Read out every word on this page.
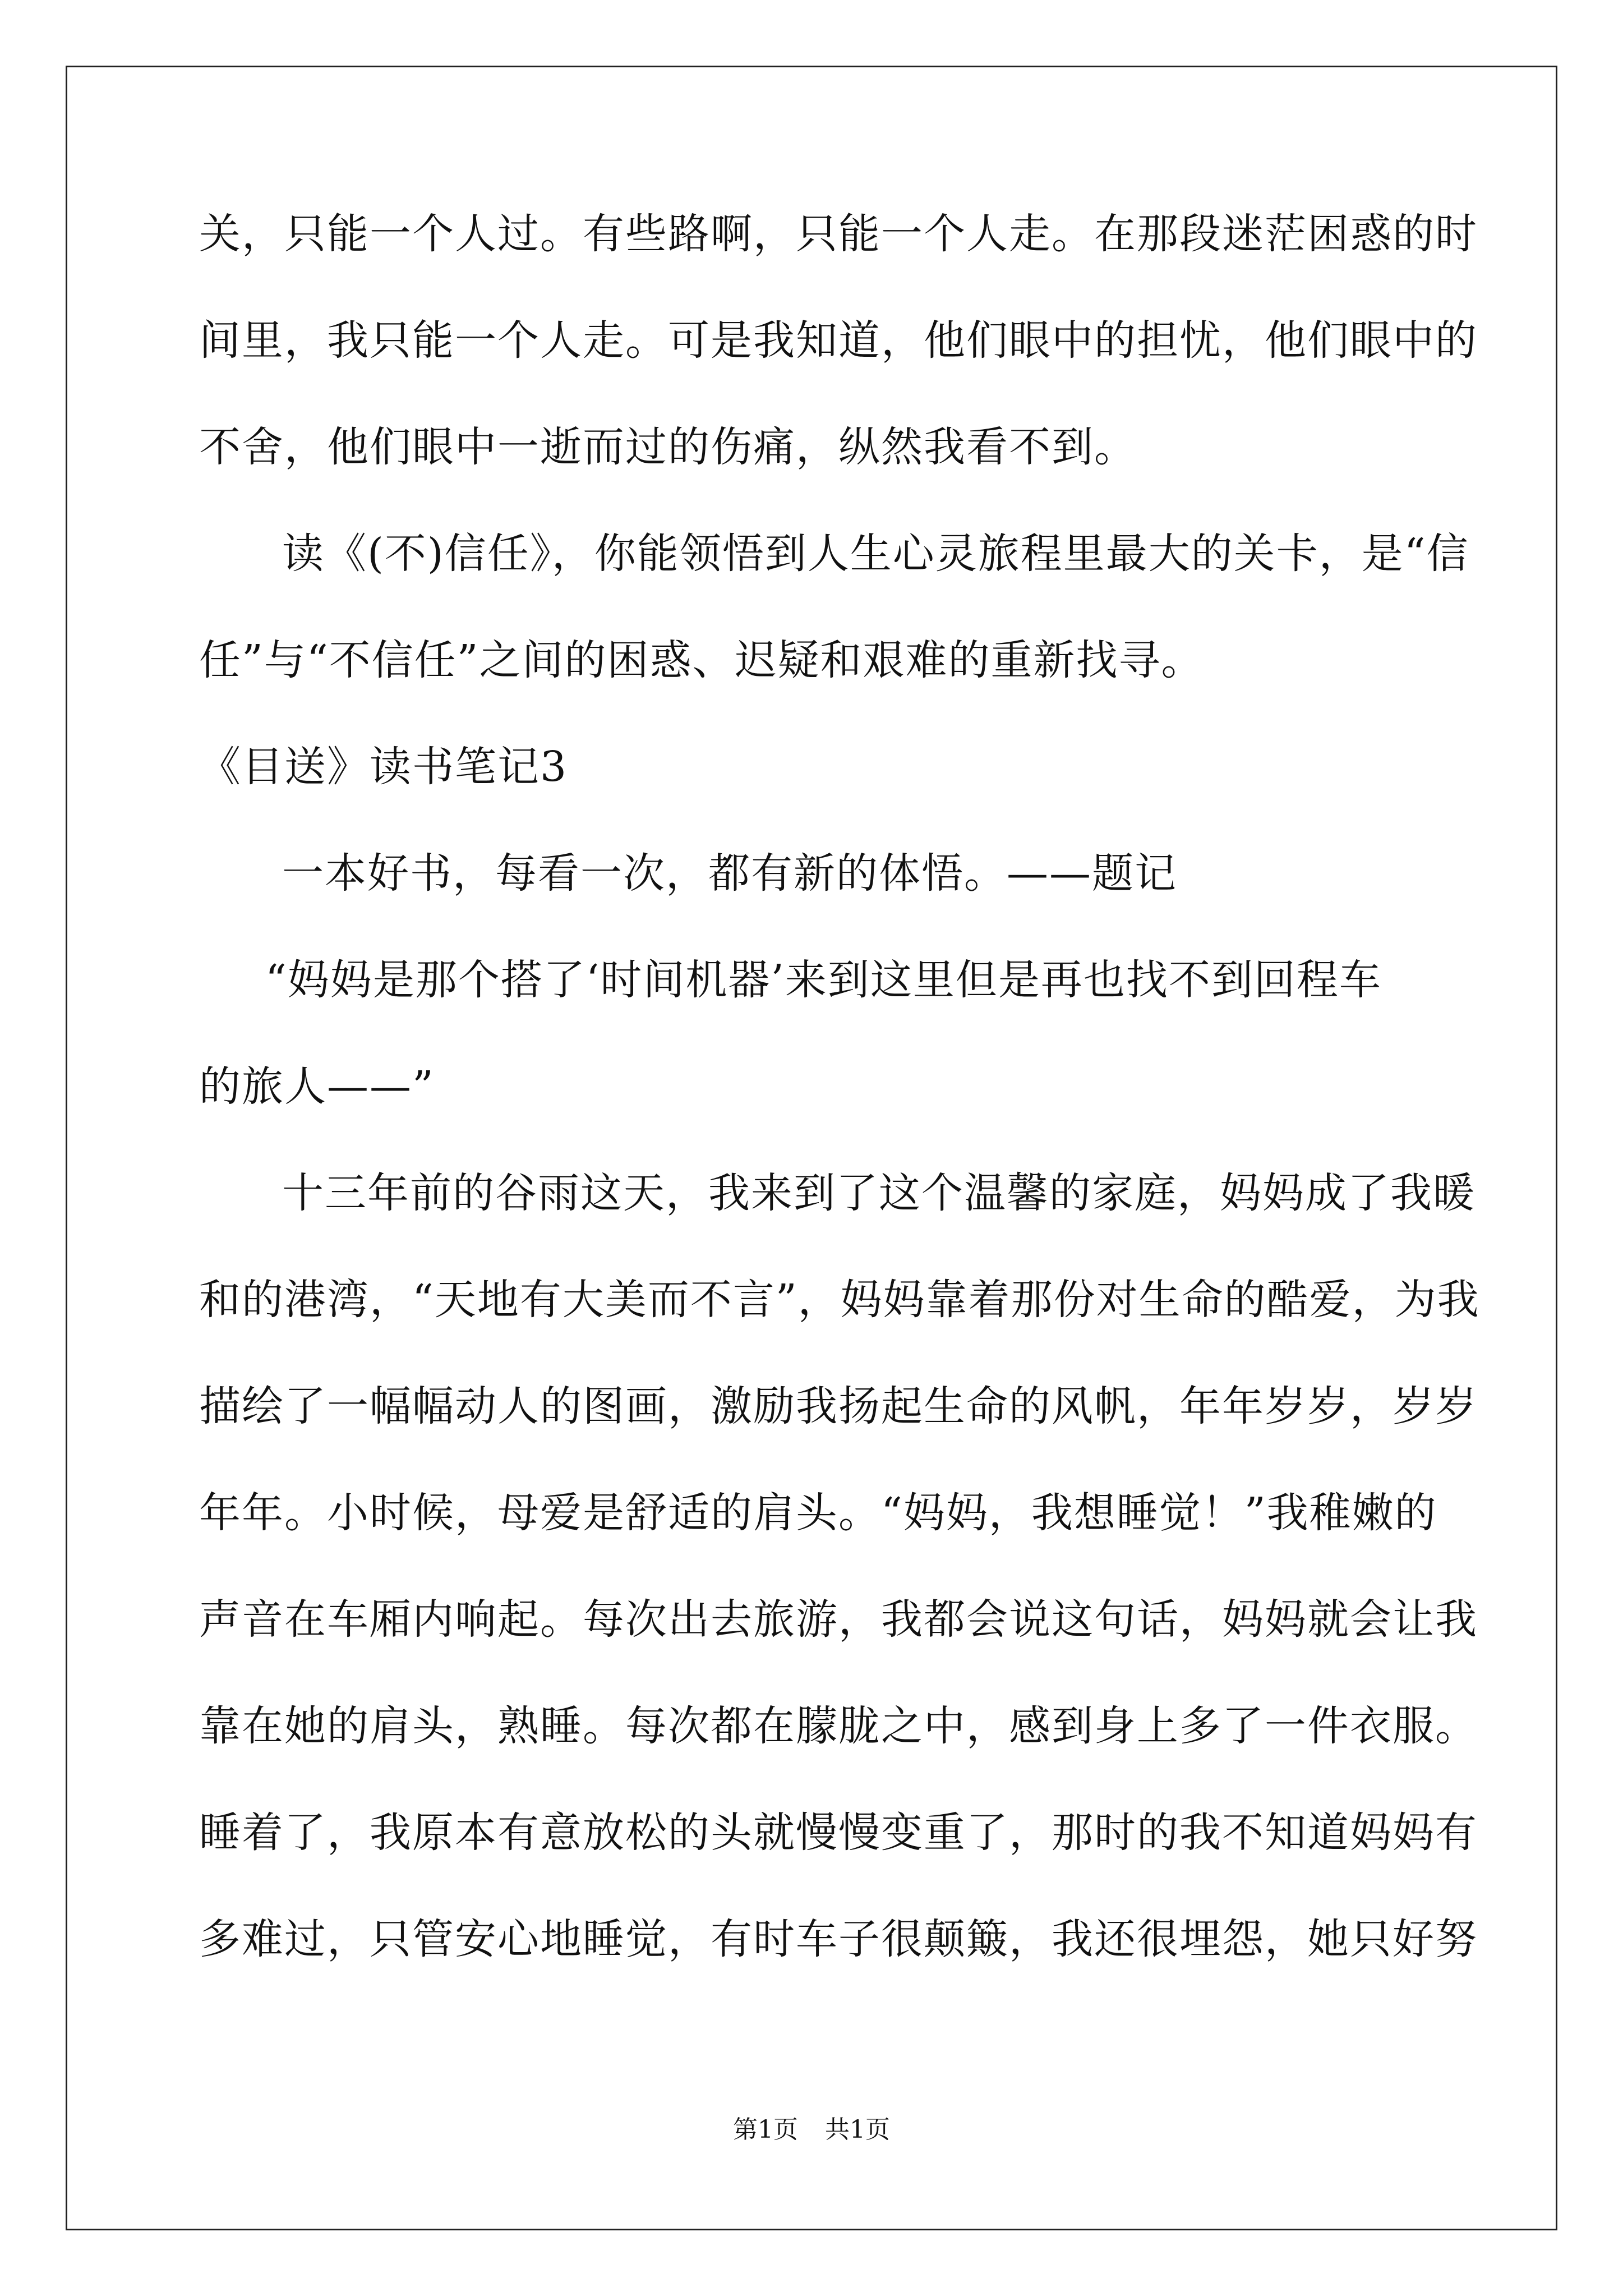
关，只能一个人过。有些路啊，只能一个人走。在那段迷茫困惑的时
间里，我只能一个人走。可是我知道，他们眼中的担忧，他们眼中的
不舍，他们眼中一逝而过的伤痛，纵然我看不到。
读《(不)信任》，你能领悟到人生心灵旅程里最大的关卡，是“信
任”与“不信任”之间的困惑、迟疑和艰难的重新找寻。
《目送》读书笔记3
一本好书，每看一次，都有新的体悟。——题记
“妈妈是那个搭了‘时间机器’来到这里但是再也找不到回程车
的旅人——”
十三年前的谷雨这天，我来到了这个温馨的家庭，妈妈成了我暖
和的港湾，“天地有大美而不言”，妈妈靠着那份对生命的酷爱，为我
描绘了一幅幅动人的图画，激励我扬起生命的风帆，年年岁岁，岁岁
年年。小时候，母爱是舒适的肩头。“妈妈，我想睡觉！”我稚嫩的
声音在车厢内响起。每次出去旅游，我都会说这句话，妈妈就会让我
靠在她的肩头，熟睡。每次都在朦胧之中，感到身上多了一件衣服。
睡着了，我原本有意放松的头就慢慢变重了，那时的我不知道妈妈有
多难过，只管安心地睡觉，有时车子很颠簸，我还很埋怨，她只好努
第1页 共1页
